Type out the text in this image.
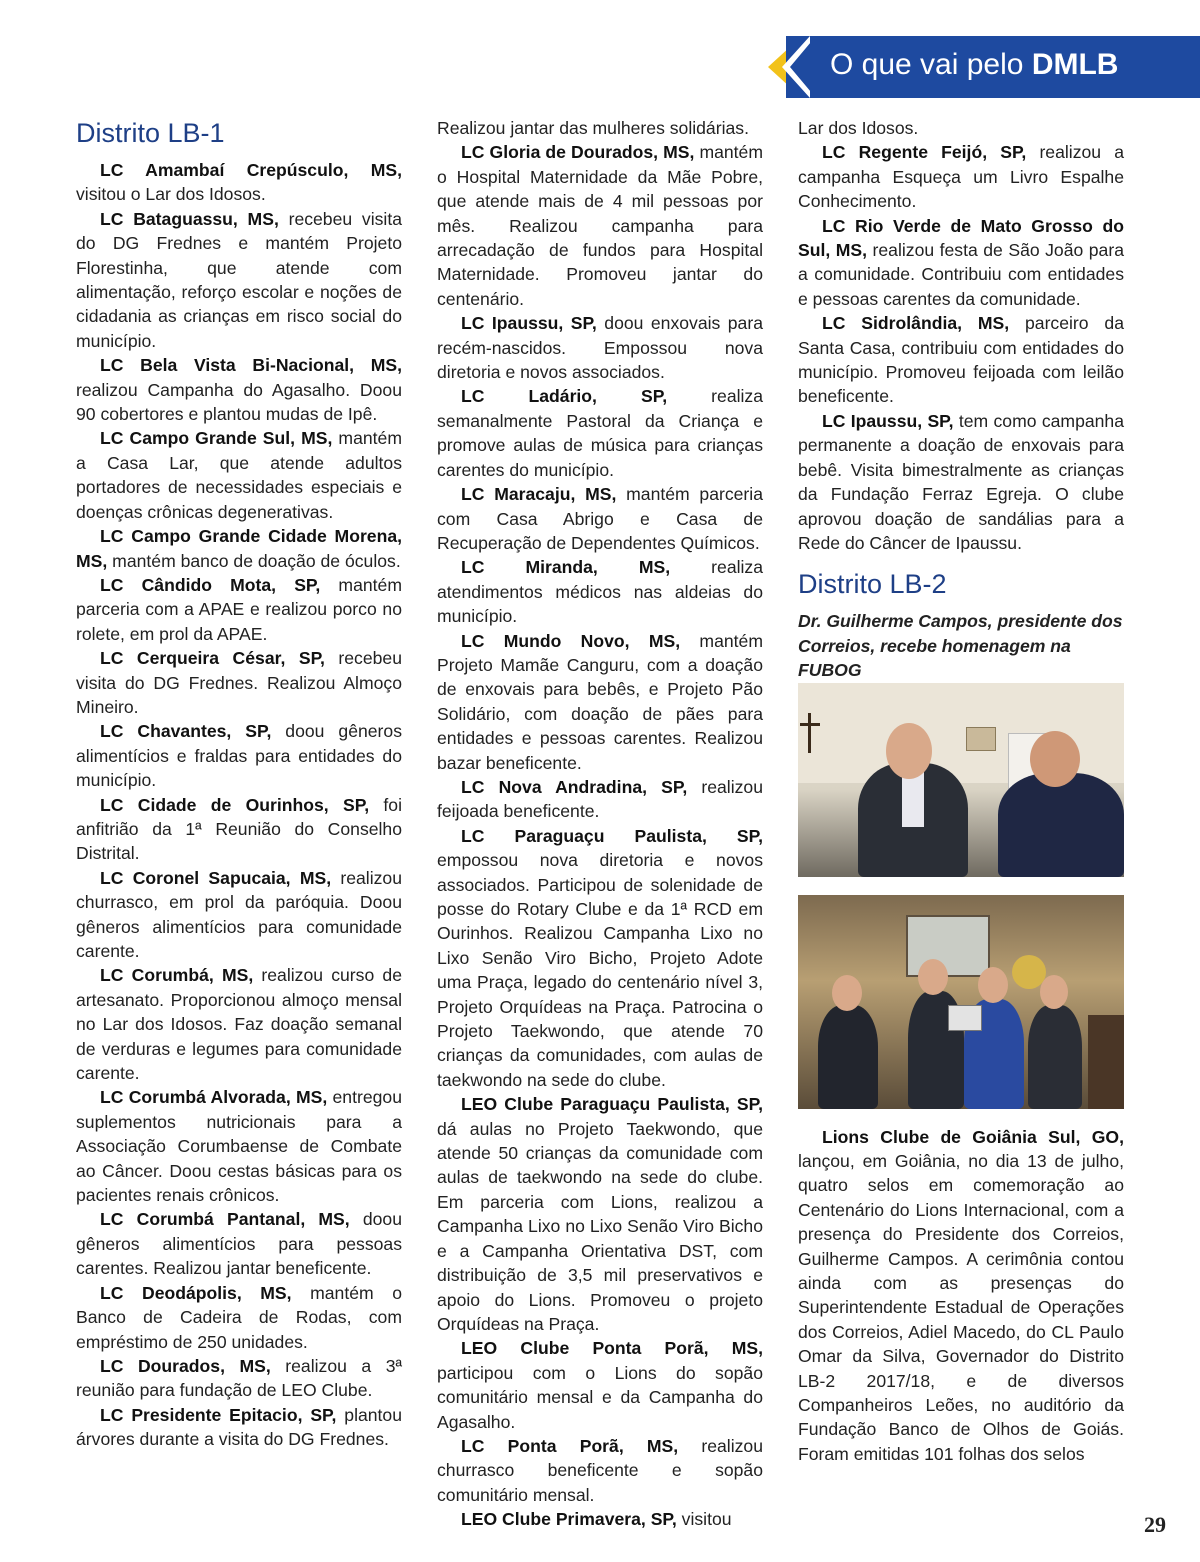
O que vai pelo DMLB
Distrito LB-1

LC Amambaí Crepúsculo, MS, visitou o Lar dos Idosos.

LC Bataguassu, MS, recebeu visita do DG Frednes e mantém Projeto Florestinha, que atende com alimentação, reforço escolar e noções de cidadania as crianças em risco social do município.

LC Bela Vista Bi-Nacional, MS, realizou Campanha do Agasalho. Doou 90 cobertores e plantou mudas de Ipê.

LC Campo Grande Sul, MS, mantém a Casa Lar, que atende adultos portadores de necessidades especiais e doenças crônicas degenerativas.

LC Campo Grande Cidade Morena, MS, mantém banco de doação de óculos.

LC Cândido Mota, SP, mantém parceria com a APAE e realizou porco no rolete, em prol da APAE.

LC Cerqueira César, SP, recebeu visita do DG Frednes. Realizou Almoço Mineiro.

LC Chavantes, SP, doou gêneros alimentícios e fraldas para entidades do município.

LC Cidade de Ourinhos, SP, foi anfitrião da 1ª Reunião do Conselho Distrital.

LC Coronel Sapucaia, MS, realizou churrasco, em prol da paróquia. Doou gêneros alimentícios para comunidade carente.

LC Corumbá, MS, realizou curso de artesanato. Proporcionou almoço mensal no Lar dos Idosos. Faz doação semanal de verduras e legumes para comunidade carente.

LC Corumbá Alvorada, MS, entregou suplementos nutricionais para a Associação Corumbaense de Combate ao Câncer. Doou cestas básicas para os pacientes renais crônicos.

LC Corumbá Pantanal, MS, doou gêneros alimentícios para pessoas carentes. Realizou jantar beneficente.

LC Deodápolis, MS, mantém o Banco de Cadeira de Rodas, com empréstimo de 250 unidades.

LC Dourados, MS, realizou a 3ª reunião para fundação de LEO Clube.

LC Presidente Epitacio, SP, plantou árvores durante a visita do DG Frednes.

Realizou jantar das mulheres solidárias.

LC Gloria de Dourados, MS, mantém o Hospital Maternidade da Mãe Pobre, que atende mais de 4 mil pessoas por mês. Realizou campanha para arrecadação de fundos para Hospital Maternidade. Promoveu jantar do centenário.

LC Ipaussu, SP, doou enxovais para recém-nascidos. Empossou nova diretoria e novos associados.

LC Ladário, SP, realiza semanalmente Pastoral da Criança e promove aulas de música para crianças carentes do município.

LC Maracaju, MS, mantém parceria com Casa Abrigo e Casa de Recuperação de Dependentes Químicos.

LC Miranda, MS, realiza atendimentos médicos nas aldeias do município.

LC Mundo Novo, MS, mantém Projeto Mamãe Canguru, com a doação de enxovais para bebês, e Projeto Pão Solidário, com doação de pães para entidades e pessoas carentes. Realizou bazar beneficente.

LC Nova Andradina, SP, realizou feijoada beneficente.

LC Paraguaçu Paulista, SP, empossou nova diretoria e novos associados. Participou de solenidade de posse do Rotary Clube e da 1ª RCD em Ourinhos. Realizou Campanha Lixo no Lixo Senão Viro Bicho, Projeto Adote uma Praça, legado do centenário nível 3, Projeto Orquídeas na Praça. Patrocina o Projeto Taekwondo, que atende 70 crianças da comunidades, com aulas de taekwondo na sede do clube.

LEO Clube Paraguaçu Paulista, SP, dá aulas no Projeto Taekwondo, que atende 50 crianças da comunidade com aulas de taekwondo na sede do clube. Em parceria com Lions, realizou a Campanha Lixo no Lixo Senão Viro Bicho e a Campanha Orientativa DST, com distribuição de 3,5 mil preservativos e apoio do Lions. Promoveu o projeto Orquídeas na Praça.

LEO Clube Ponta Porã, MS, participou com o Lions do sopão comunitário mensal e da Campanha do Agasalho.

LC Ponta Porã, MS, realizou churrasco beneficente e sopão comunitário mensal.

LEO Clube Primavera, SP, visitou

Lar dos Idosos.

LC Regente Feijó, SP, realizou a campanha Esqueça um Livro Espalhe Conhecimento.

LC Rio Verde de Mato Grosso do Sul, MS, realizou festa de São João para a comunidade. Contribuiu com entidades e pessoas carentes da comunidade.

LC Sidrolândia, MS, parceiro da Santa Casa, contribuiu com entidades do município. Promoveu feijoada com leilão beneficente.

LC Ipaussu, SP, tem como campanha permanente a doação de enxovais para bebê. Visita bimestralmente as crianças da Fundação Ferraz Egreja. O clube aprovou doação de sandálias para a Rede do Câncer de Ipaussu.

Distrito LB-2

Dr. Guilherme Campos, presidente dos Correios, recebe homenagem na FUBOG

Lions Clube de Goiânia Sul, GO, lançou, em Goiânia, no dia 13 de julho, quatro selos em comemoração ao Centenário do Lions Internacional, com a presença do Presidente dos Correios, Guilherme Campos. A cerimônia contou ainda com as presenças do Superintendente Estadual de Operações dos Correios, Adiel Macedo, do CL Paulo Omar da Silva, Governador do Distrito LB-2 2017/18, e de diversos Companheiros Leões, no auditório da Fundação Banco de Olhos de Goiás. Foram emitidas 101 folhas dos selos

29
